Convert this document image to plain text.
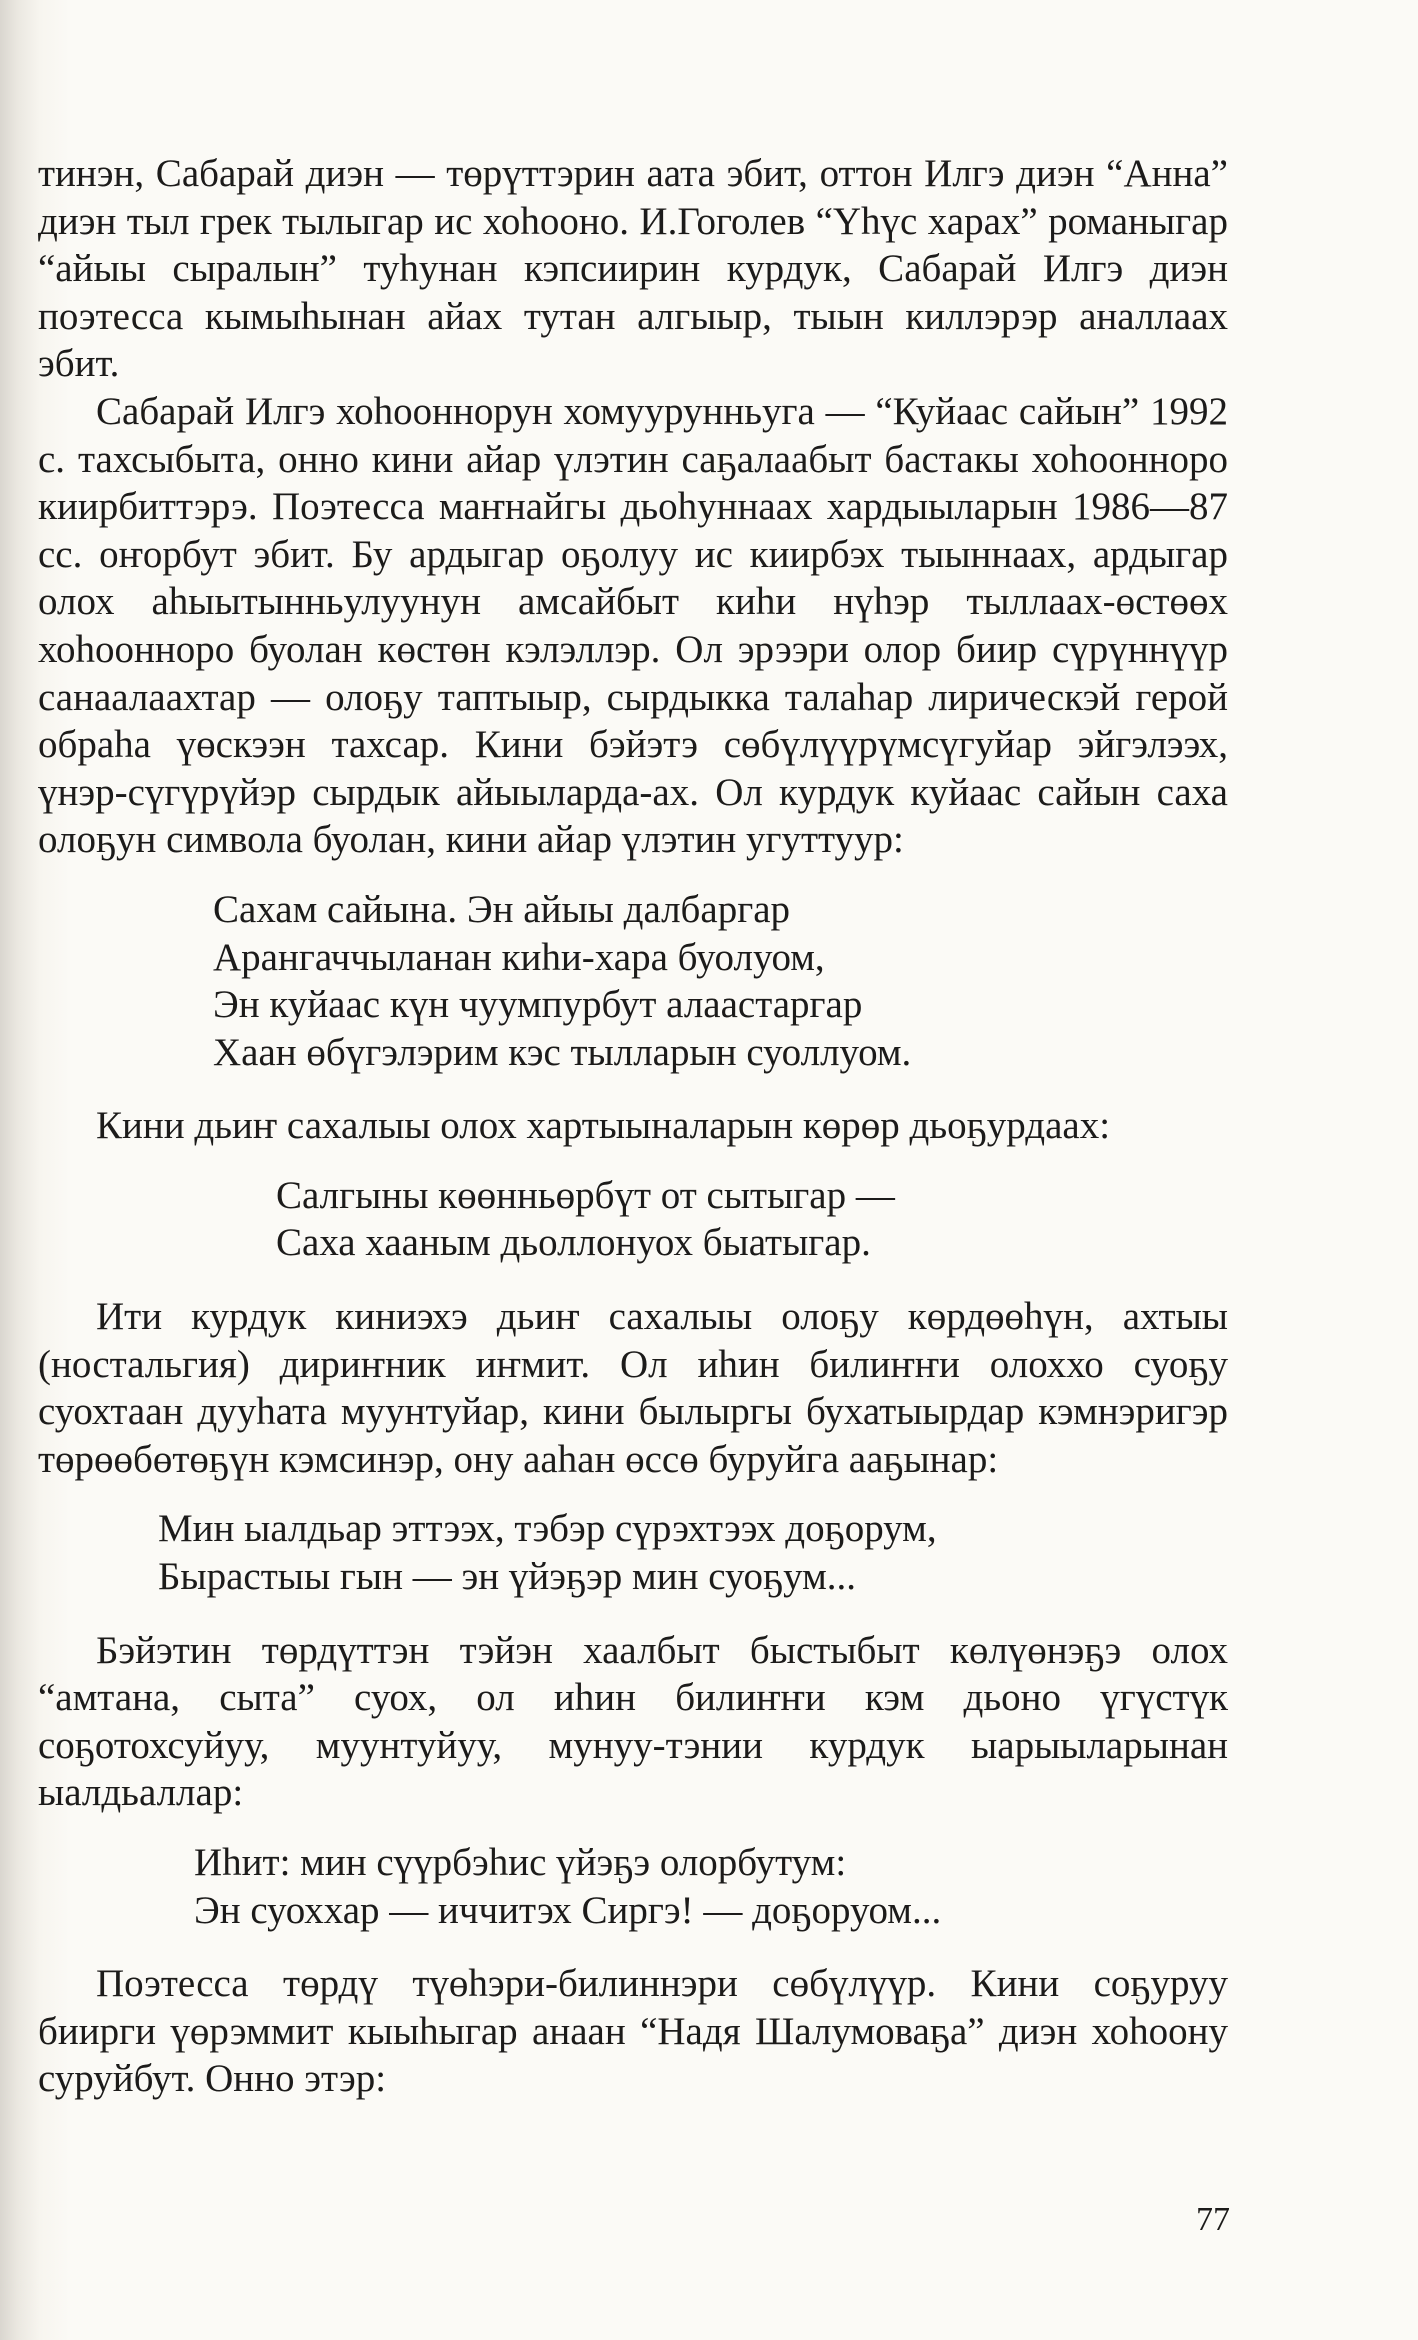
тинэн, Сабарай диэн — төрүттэрин аата эбит, оттон Илгэ диэн “Анна” диэн тыл грек тылыгар ис хоһооно. И.Гоголев “Үһүс харах” романыгар “айыы сыралын” туһунан кэпсиирин курдук, Сабарай Илгэ диэн поэтесса кымыһынан айах тутан алгыыр, тыын киллэрэр аналлаах эбит.

Сабарай Илгэ хоһооннорун хомуурунньуга — “Куйаас сайын” 1992 с. тахсыбыта, онно кини айар үлэтин саҕалаабыт бастакы хоһооннорo киирбиттэрэ. Поэтесса маҥнайгы дьоһуннаах хардыыларын 1986—87 сс. оҥорбут эбит. Бу ардыгар оҕолуу ис киирбэх тыыннаах, ардыгар олох аһыытынньулуунун амсайбыт киһи нүһэр тыллаах-өстөөх хоһооннорo буолан көстөн кэлэллэр. Ол эрээри олор биир сүрүннүүр санаалаахтар — олоҕу таптыыр, сырдыкка талаһар лирическэй герой обраһа үөскээн тахсар. Кини бэйэтэ сөбүлүүрүмсүгуйар эйгэлээх, үнэр-сүгүрүйэр сырдык айыыларда-ах. Ол курдук куйаас сайын саха олоҕун символа буолан, кини айар үлэтин угуттуур:

Сахам сайына. Эн айыы далбаргар
Арангаччыланан киһи-хара буолуом,
Эн куйаас күн чуумпурбут алаастаргар
Хаан өбүгэлэрим кэс тылларын суоллуом.

Кини дьиҥ сахалыы олох хартыыналарын көрөр дьоҕурдаах:

Салгыны көөнньөрбүт от сытыгар —
Саха хааным дьоллонуох быатыгар.

Ити курдук киниэхэ дьиҥ сахалыы олоҕу көрдөөһүн, ахтыы (ностальгия) дириҥник иҥмит. Ол иһин билиҥҥи олоххо суоҕу суохтаан дууһата муунтуйар, кини былыргы бухатыырдар кэмнэригэр төрөөбөтөҕүн кэмсинэр, ону ааһан өссө буруйга ааҕынар:

Мин ыалдьар эттээх, тэбэр сүрэхтээх доҕорум,
Бырастыы гын — эн үйэҕэр мин суоҕум...

Бэйэтин төрдүттэн тэйэн хаалбыт быстыбыт көлүөнэҕэ олох “амтана, сыта” суох, ол иһин билиҥҥи кэм дьоно үгүстүк соҕотохсуйуу, муунтуйуу, мунуу-тэнии курдук ыарыыларынан ыалдьаллар:

Иһит: мин сүүрбэһис үйэҕэ олорбутум:
Эн суоххар — иччитэх Сиргэ! — доҕоруом...

Поэтесса төрдү түөһэри-билиннэри сөбүлүүр. Кини соҕуруу биирги үөрэммит кыыһыгар анаан “Надя Шалумоваҕа” диэн хоһоону суруйбут. Онно этэр:

77
